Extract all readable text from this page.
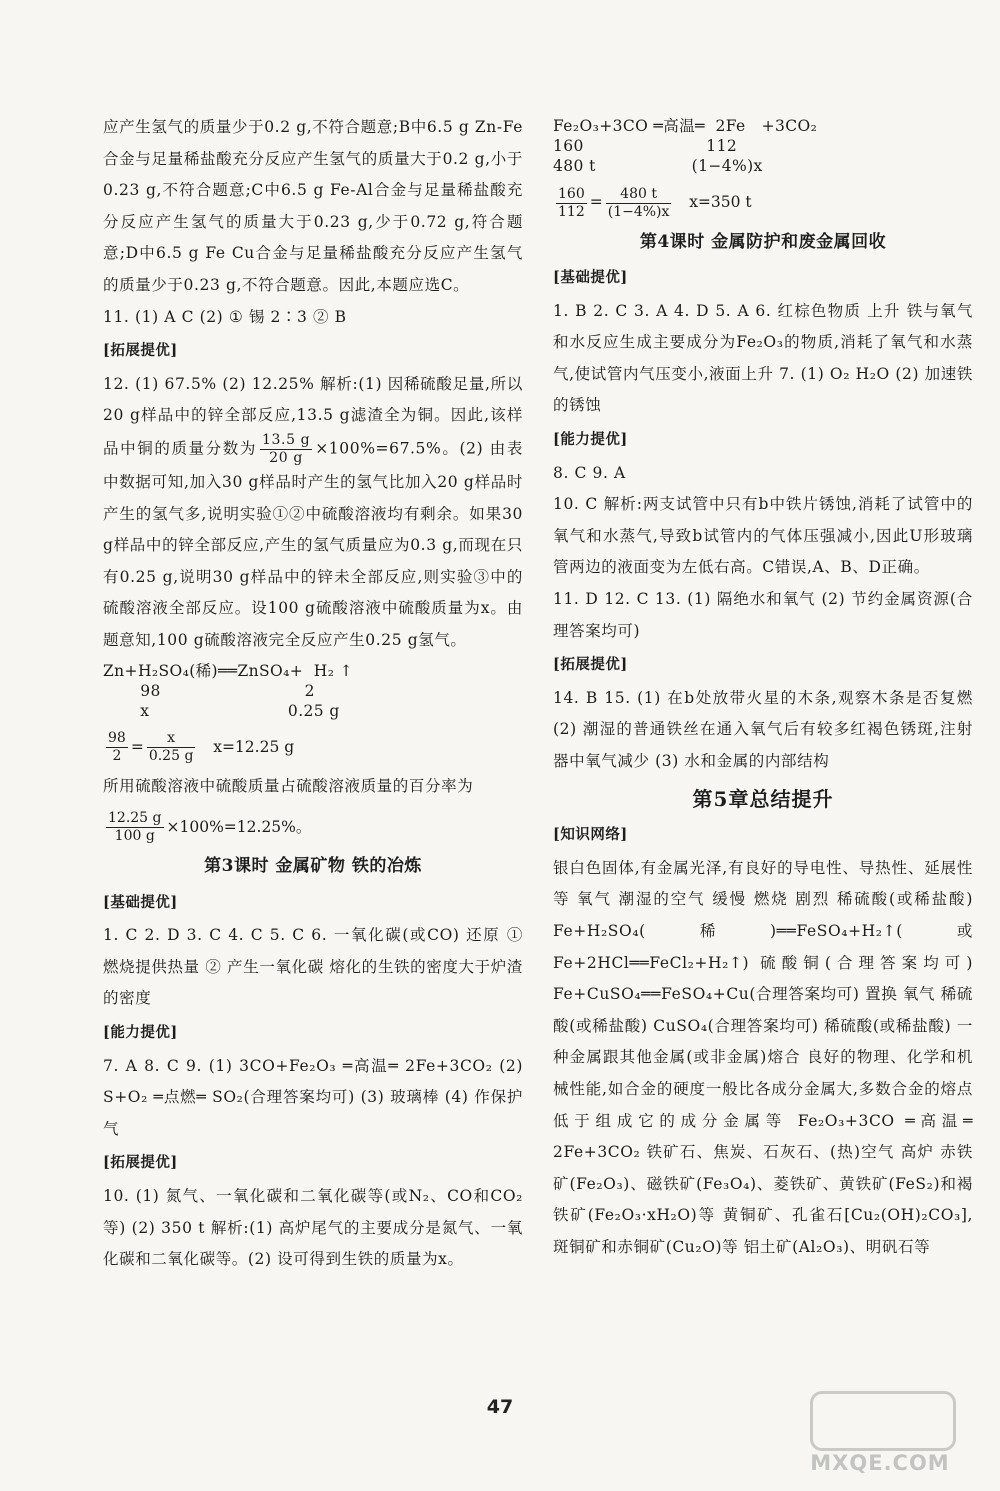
应产生氢气的质量少于0.2 g,不符合题意;B中6.5 g Zn-Fe合金与足量稀盐酸充分反应产生氢气的质量大于0.2 g,小于0.23 g,不符合题意;C中6.5 g Fe-Al合金与足量稀盐酸充分反应产生氢气的质量大于0.23 g,少于0.72 g,符合题意;D中6.5 g Fe Cu合金与足量稀盐酸充分反应产生氢气的质量少于0.23 g,不符合题意。因此,本题应选C。

11. (1) A C (2) ① 锡 2∶3 ② B

[拓展提优]

12. (1) 67.5% (2) 12.25% 解析:(1) 因稀硫酸足量,所以20 g样品中的锌全部反应,13.5 g滤渣全为铜。因此,该样品中铜的质量分数为 $\frac{13.5 g}{20 g} \times 100\%=67.5\%$。(2) 由表中数据可知,加入30 g样品时产生的氢气比加入20 g样品时产生的氢气多,说明实验①②中硫酸溶液均有剩余。如果30 g样品中的锌全部反应,产生的氢气质量应为0.3 g,而现在只有0.25 g,说明30 g样品中的锌未全部反应,则实验③中的硫酸溶液全部反应。设100 g硫酸溶液中硫酸质量为x。由题意知,100 g硫酸溶液完全反应产生0.25 g氢气。

Zn+H₂SO₄(稀)══ZnSO₄+  H₂ ↑
98                           2
x                          0.25 g
$\frac{98}{2} = \frac{x}{0.25 g} x=12.25$ g

所用硫酸溶液中硫酸质量占硫酸溶液质量的百分率为

$\frac{12.25 g}{100 g} \times 100\%=12.25\%$。
第3课时 金属矿物 铁的冶炼
[基础提优]

1. C 2. D 3. C 4. C 5. C 6. 一氧化碳(或CO) 还原 ① 燃烧提供热量 ② 产生一氧化碳 熔化的生铁的密度大于炉渣的密度

[能力提优]

7. A 8. C 9. (1) 3CO+Fe₂O₃ ═高温═ 2Fe+3CO₂ (2) S+O₂ ═点燃═ SO₂(合理答案均可) (3) 玻璃棒 (4) 作保护气

[拓展提优]

10. (1) 氮气、一氧化碳和二氧化碳等(或N₂、CO和CO₂等) (2) 350 t 解析:(1) 高炉尾气的主要成分是氮气、一氧化碳和二氧化碳等。(2) 设可得到生铁的质量为x。

Fe₂O₃+3CO ═高温═  2Fe   +3CO₂
160                       112
480 t                  (1−4%)x
$\frac{160}{112} = \frac{480 t}{(1-4\%)x} x=350$ t
第4课时 金属防护和废金属回收
[基础提优]

1. B 2. C 3. A 4. D 5. A 6. 红棕色物质 上升 铁与氧气和水反应生成主要成分为Fe₂O₃的物质,消耗了氧气和水蒸气,使试管内气压变小,液面上升 7. (1) O₂ H₂O (2) 加速铁的锈蚀

[能力提优]

8. C 9. A

10. C 解析:两支试管中只有b中铁片锈蚀,消耗了试管中的氧气和水蒸气,导致b试管内的气体压强减小,因此U形玻璃管两边的液面变为左低右高。C错误,A、B、D正确。

11. D 12. C 13. (1) 隔绝水和氧气 (2) 节约金属资源(合理答案均可)

[拓展提优]

14. B 15. (1) 在b处放带火星的木条,观察木条是否复燃 (2) 潮湿的普通铁丝在通入氧气后有较多红褐色锈斑,注射器中氧气减少 (3) 水和金属的内部结构

第5章总结提升
[知识网络]

银白色固体,有金属光泽,有良好的导电性、导热性、延展性等 氧气 潮湿的空气 缓慢 燃烧 剧烈 稀硫酸(或稀盐酸) Fe+H₂SO₄(稀)══FeSO₄+H₂↑(或Fe+2HCl══FeCl₂+H₂↑) 硫酸铜(合理答案均可) Fe+CuSO₄══FeSO₄+Cu(合理答案均可) 置换 氧气 稀硫酸(或稀盐酸) CuSO₄(合理答案均可) 稀硫酸(或稀盐酸) 一种金属跟其他金属(或非金属)熔合 良好的物理、化学和机械性能,如合金的硬度一般比各成分金属大,多数合金的熔点低于组成它的成分金属等 Fe₂O₃+3CO ═高温═ 2Fe+3CO₂ 铁矿石、焦炭、石灰石、(热)空气 高炉 赤铁矿(Fe₂O₃)、磁铁矿(Fe₃O₄)、菱铁矿、黄铁矿(FeS₂)和褐铁矿(Fe₂O₃·xH₂O)等 黄铜矿、孔雀石[Cu₂(OH)₂CO₃],斑铜矿和赤铜矿(Cu₂O)等 铝土矿(Al₂O₃)、明矾石等

47
MXQE.COM
